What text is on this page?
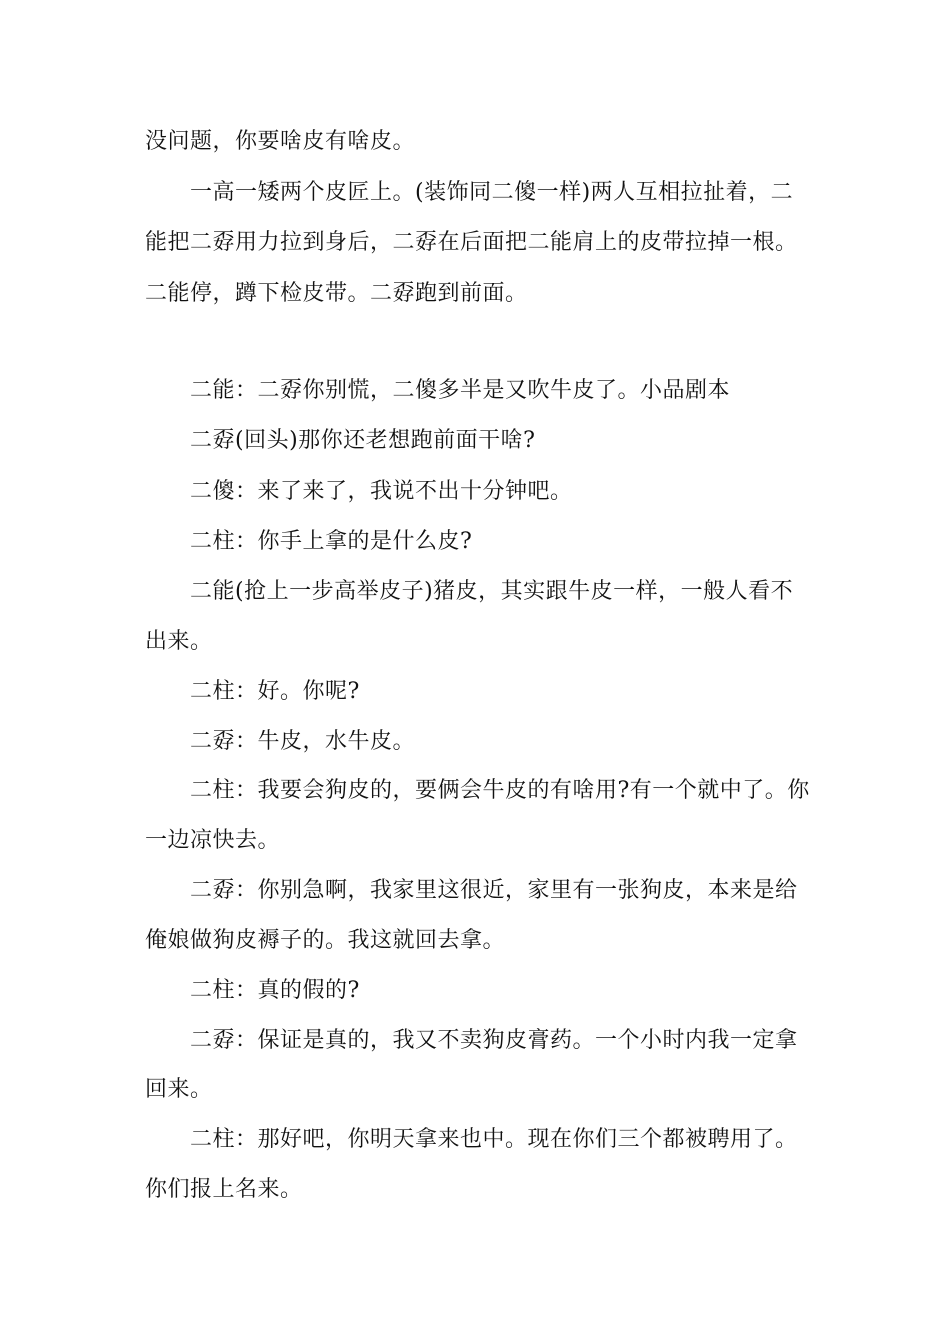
没问题，你要啥皮有啥皮。
一高一矮两个皮匠上。(装饰同二傻一样)两人互相拉扯着，二
能把二孬用力拉到身后，二孬在后面把二能肩上的皮带拉掉一根。
二能停，蹲下检皮带。二孬跑到前面。
二能：二孬你别慌，二傻多半是又吹牛皮了。小品剧本
二孬(回头)那你还老想跑前面干啥?
二傻：来了来了，我说不出十分钟吧。
二柱：你手上拿的是什么皮?
二能(抢上一步高举皮子)猪皮，其实跟牛皮一样，一般人看不
出来。
二柱：好。你呢?
二孬：牛皮，水牛皮。
二柱：我要会狗皮的，要俩会牛皮的有啥用?有一个就中了。你
一边凉快去。
二孬：你别急啊，我家里这很近，家里有一张狗皮，本来是给
俺娘做狗皮褥子的。我这就回去拿。
二柱：真的假的?
二孬：保证是真的，我又不卖狗皮膏药。一个小时内我一定拿
回来。
二柱：那好吧，你明天拿来也中。现在你们三个都被聘用了。
你们报上名来。
